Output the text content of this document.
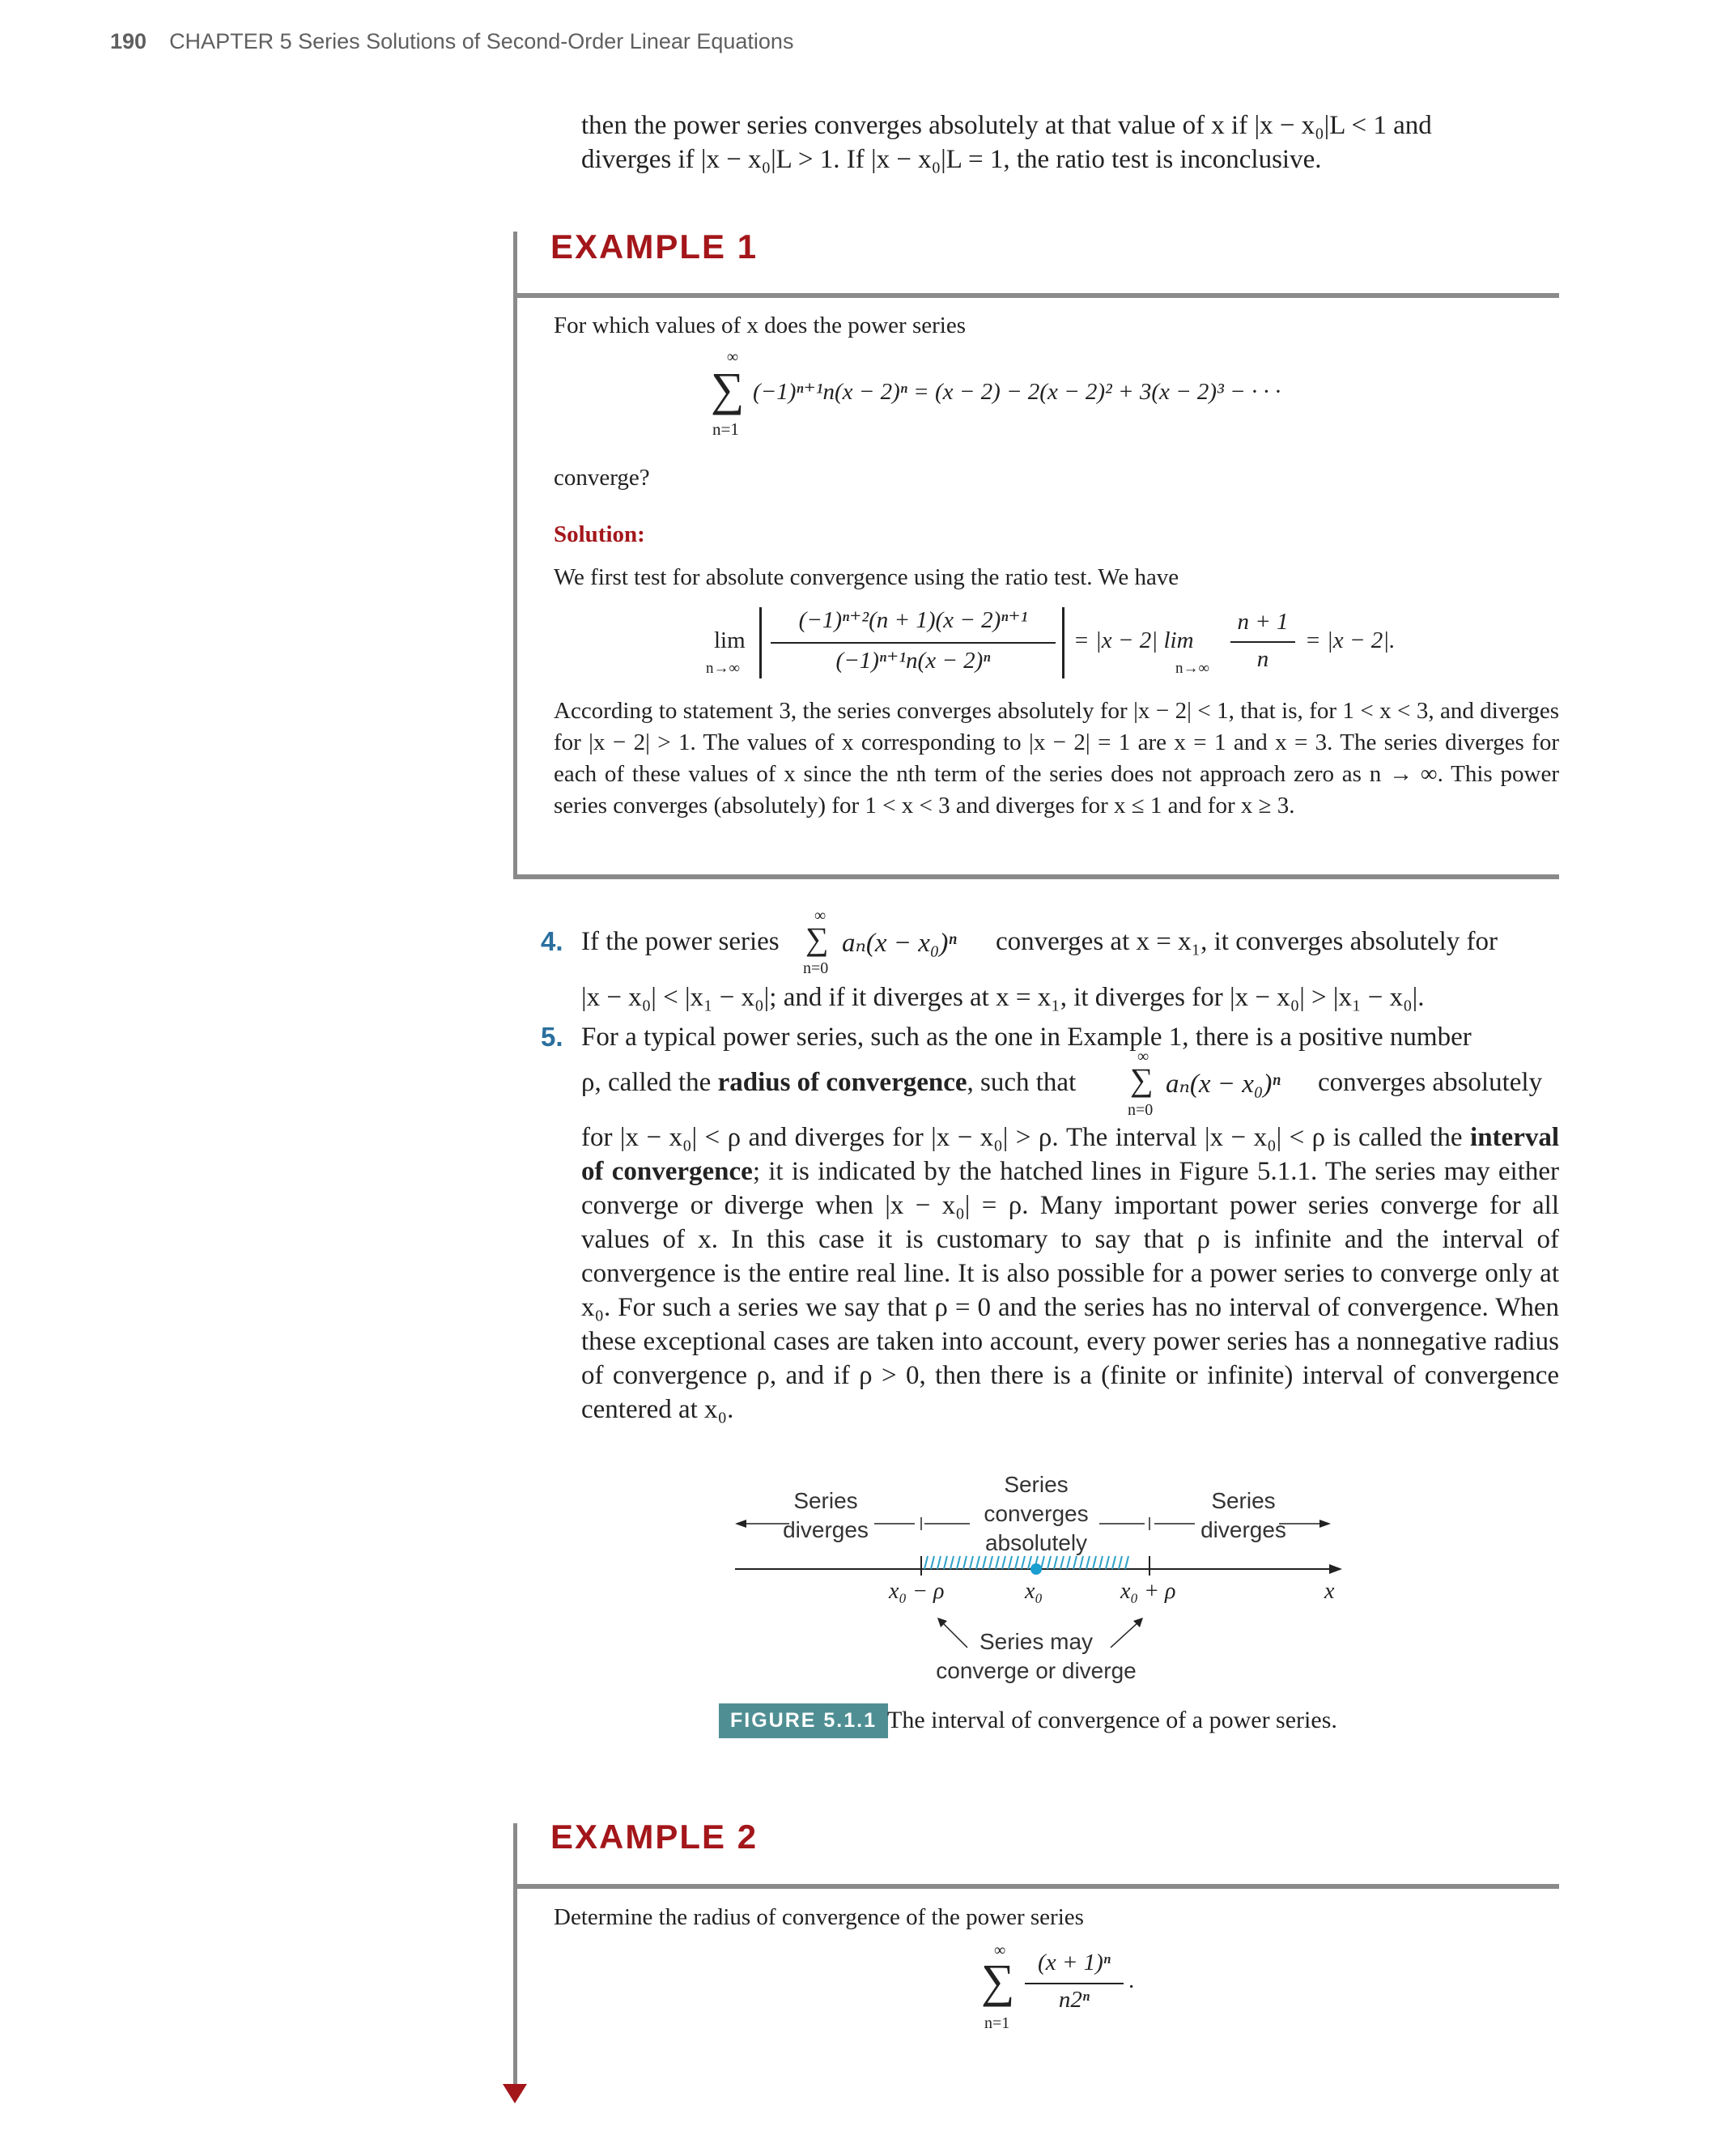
190 CHAPTER 5 Series Solutions of Second-Order Linear Equations

then the power series converges absolutely at that value of x if |x − x₀|L < 1 and

diverges if |x − x₀|L > 1. If |x − x₀|L = 1, the ratio test is inconclusive.

EXAMPLE 1

For which values of x does the power series

∞
∑
n=1
(−1)ⁿ⁺¹n(x − 2)ⁿ = (x − 2) − 2(x − 2)² + 3(x − 2)³ − · · ·

converge?

Solution:

We first test for absolute convergence using the ratio test. We have

lim
n→∞
(−1)ⁿ⁺²(n + 1)(x − 2)ⁿ⁺¹
(−1)ⁿ⁺¹n(x − 2)ⁿ
= |x − 2| lim
n→∞
n + 1
n
= |x − 2|.

According to statement 3, the series converges absolutely for |x − 2| < 1, that is, for 1 < x < 3, and diverges for |x − 2| > 1. The values of x corresponding to |x − 2| = 1 are x = 1 and x = 3. The series diverges for each of these values of x since the nth term of the series does not approach zero as n → ∞. This power series converges (absolutely) for 1 < x < 3 and diverges for x ≤ 1 and for x ≥ 3.

4. If the power series
∞
∑
n=0
aₙ(x − x₀)ⁿ converges at x = x₁, it converges absolutely for

|x − x₀| < |x₁ − x₀|; and if it diverges at x = x₁, it diverges for |x − x₀| > |x₁ − x₀|.

5. For a typical power series, such as the one in Example 1, there is a positive number

ρ, called the radius of convergence, such that
∞
∑
n=0
aₙ(x − x₀)ⁿ converges absolutely

for |x − x₀| < ρ and diverges for |x − x₀| > ρ. The interval |x − x₀| < ρ is called the interval of convergence; it is indicated by the hatched lines in Figure 5.1.1. The series may either converge or diverge when |x − x₀| = ρ. Many important power series converge for all values of x. In this case it is customary to say that ρ is infinite and the interval of convergence is the entire real line. It is also possible for a power series to converge only at x₀. For such a series we say that ρ = 0 and the series has no interval of convergence. When these exceptional cases are taken into account, every power series has a nonnegative radius of convergence ρ, and if ρ > 0, then there is a (finite or infinite) interval of convergence centered at x₀.

Series
diverges
Series
converges
absolutely
Series
diverges
x₀ − ρ	x₀	x₀ + ρ	x
Series may
converge or diverge
FIGURE 5.1.1 The interval of convergence of a power series.
EXAMPLE 2

Determine the radius of convergence of the power series

∞
∑
n=1
(x + 1)ⁿ
n2ⁿ
.
